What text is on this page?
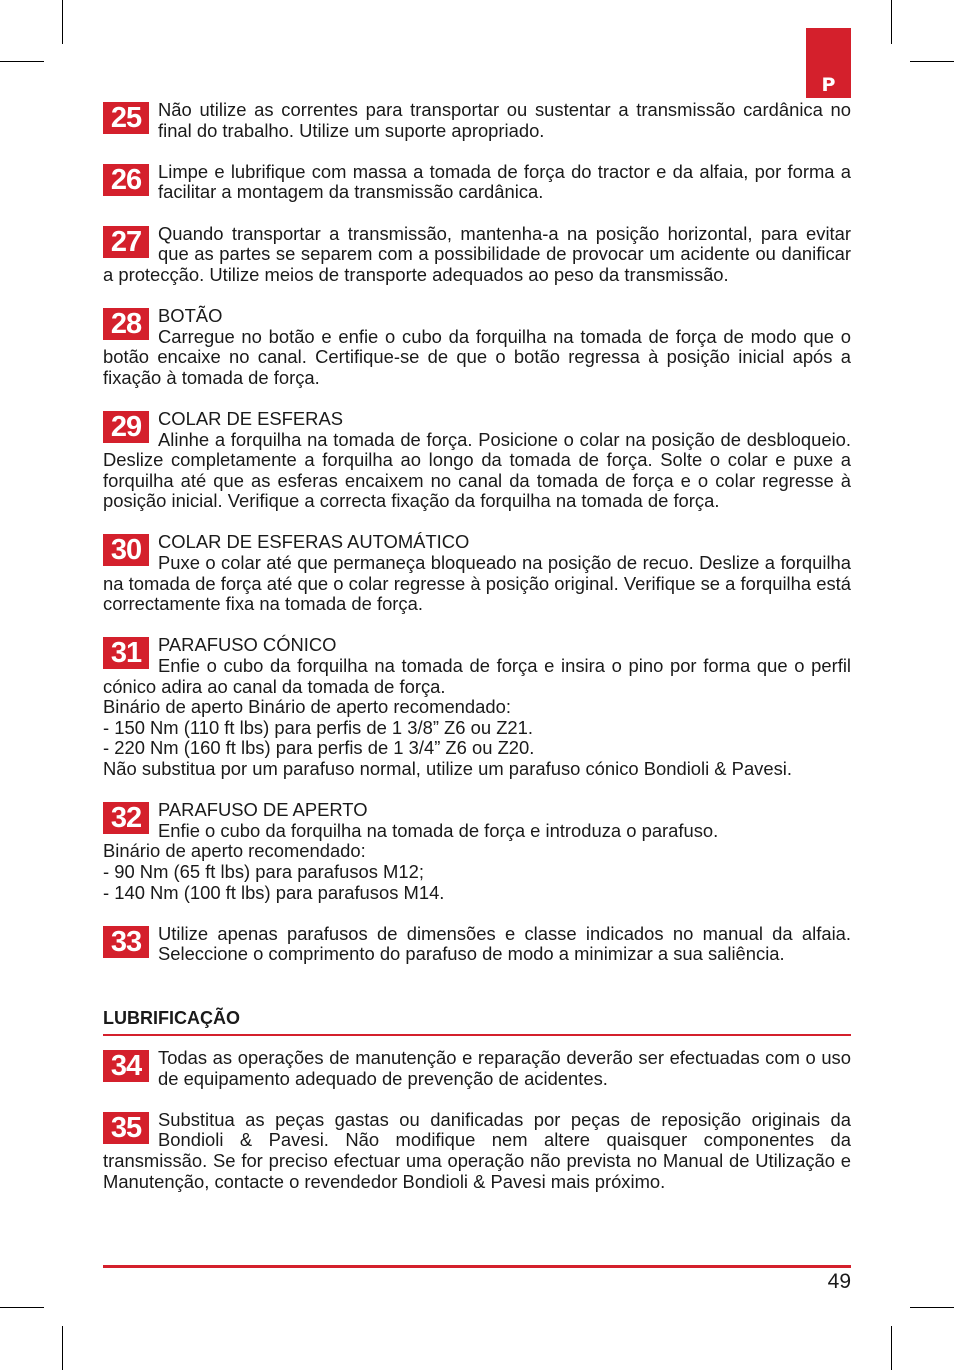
P
25 Não utilize as correntes para transportar ou sustentar a transmissão cardânica no final do trabalho. Utilize um suporte apropriado.

26 Limpe e lubrifique com massa a tomada de força do tractor e da alfaia, por forma a facilitar a montagem da transmissão cardânica.

27 Quando transportar a transmissão, mantenha-a na posição horizontal, para evitar que as partes se separem com a possibilidade de provocar um acidente ou danificar a protecção. Utilize meios de transporte adequados ao peso da transmissão.

28 BOTÃO

Carregue no botão e enfie o cubo da forquilha na tomada de força de modo que o botão encaixe no canal. Certifique-se de que o botão regressa à posição inicial após a fixação à tomada de força.

29 COLAR DE ESFERAS

Alinhe a forquilha na tomada de força. Posicione o colar na posição de desbloqueio. Deslize completamente a forquilha ao longo da tomada de força. Solte o colar e puxe a forquilha até que as esferas encaixem no canal da tomada de força e o colar regresse à posição inicial. Verifique a correcta fixação da forquilha na tomada de força.

30 COLAR DE ESFERAS AUTOMÁTICO

Puxe o colar até que permaneça bloqueado na posição de recuo. Deslize a forquilha na tomada de força até que o colar regresse à posição original. Verifique se a forquilha está correctamente fixa na tomada de força.

31 PARAFUSO CÓNICO

Enfie o cubo da forquilha na tomada de força e insira o pino por forma que o perfil cónico adira ao canal da tomada de força.

Binário de aperto Binário de aperto recomendado:

- 150 Nm (110 ft lbs) para perfis de 1 3/8” Z6 ou Z21.

- 220 Nm (160 ft lbs) para perfis de 1 3/4” Z6 ou Z20.

Não substitua por um parafuso normal, utilize um parafuso cónico Bondioli & Pavesi.

32 PARAFUSO DE APERTO

Enfie o cubo da forquilha na tomada de força e introduza o parafuso.

Binário de aperto recomendado:

- 90 Nm (65 ft lbs) para parafusos M12;

- 140 Nm (100 ft lbs) para parafusos M14.

33 Utilize apenas parafusos de dimensões e classe indicados no manual da alfaia. Seleccione o comprimento do parafuso de modo a minimizar a sua saliência.

LUBRIFICAÇÃO
34 Todas as operações de manutenção e reparação deverão ser efectuadas com o uso de equipamento adequado de prevenção de acidentes.

35 Substitua as peças gastas ou danificadas por peças de reposição originais da Bondioli & Pavesi. Não modifique nem altere quaisquer componentes da transmissão. Se for preciso efectuar uma operação não prevista no Manual de Utilização e Manutenção, contacte o revendedor Bondioli & Pavesi mais próximo.

49
